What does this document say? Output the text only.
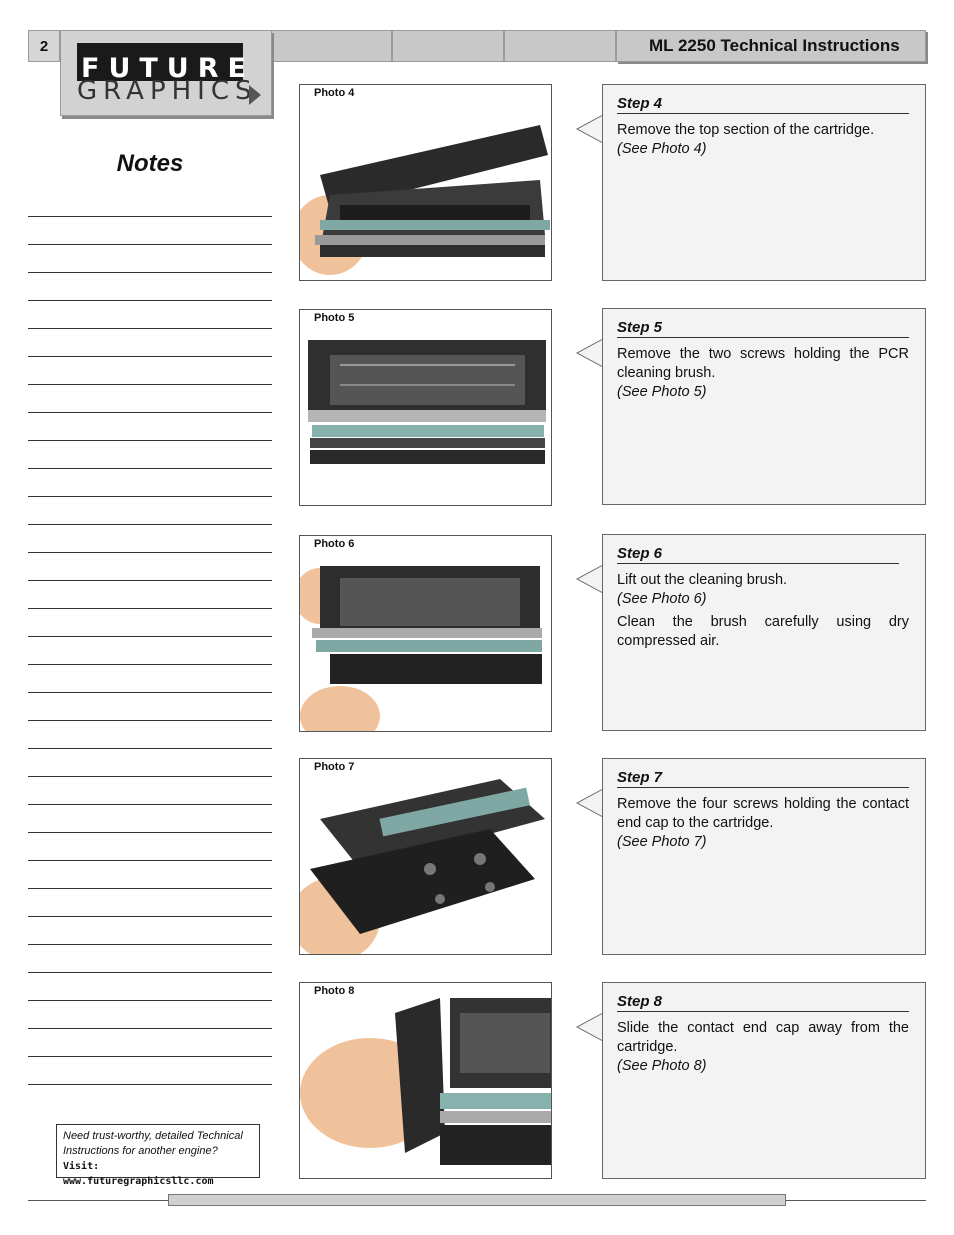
2	ML 2250 Technical Instructions
FUTURE
GRAPHICS
Notes
Need trust-worthy, detailed Technical
Instructions for another engine?
Visit: www.futuregraphicsllc.com
Photo 4
Photo 5
Photo 6
Photo 7
Photo 8
Step 4
Remove the top section of the cartridge.
(See Photo 4)
Step 5
Remove the two screws holding the PCR cleaning brush.
(See Photo 5)
Step 6
Lift out the cleaning brush.
(See Photo 6)
Clean the brush carefully using dry compressed air.
Step 7
Remove the four screws holding the contact end cap to the cartridge.
(See Photo 7)
Step 8
Slide the contact end cap away from the cartridge.
(See Photo 8)
